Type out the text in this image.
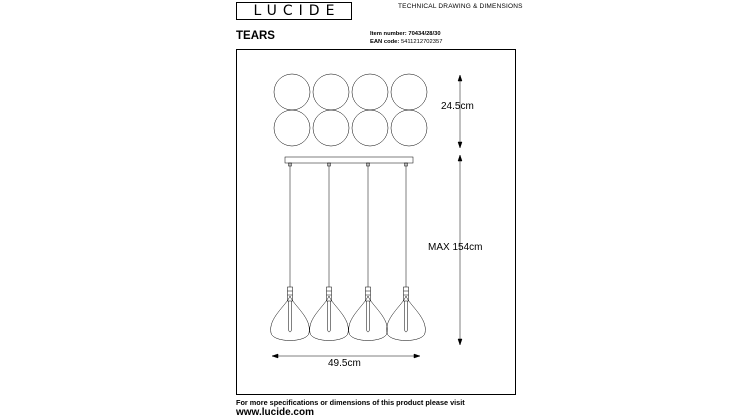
LUCIDE	TECHNICAL DRAWING & DIMENSIONS
TEARS	Item number: 70434/28/30
EAN code: 5411212702357
24.5cm
MAX 154cm
49.5cm
For more specifications or dimensions of this product please visit
www.lucide.com
